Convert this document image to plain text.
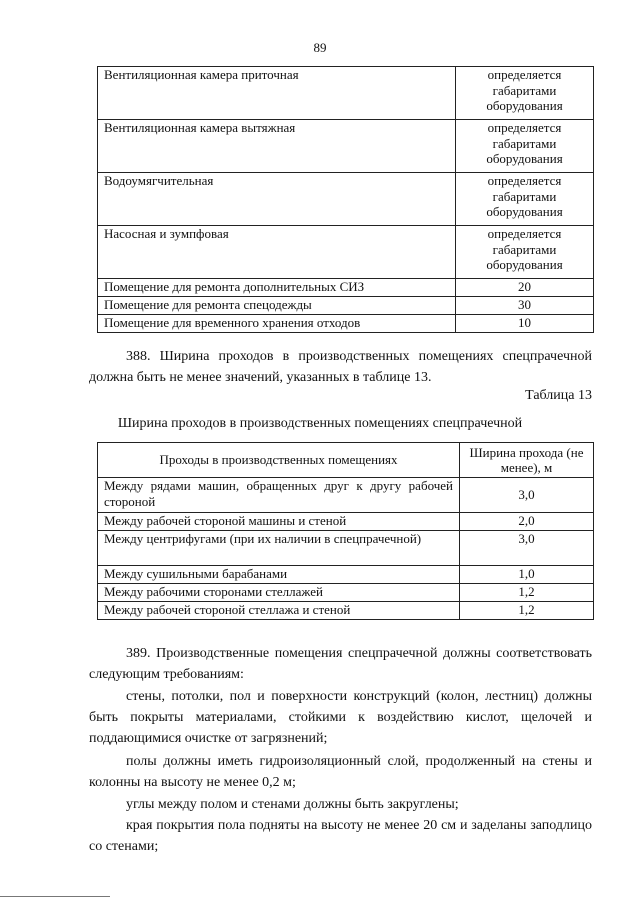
89
Вентиляционная камера приточная	определяется габаритами оборудования
Вентиляционная камера вытяжная	определяется габаритами оборудования
Водоумягчительная	определяется габаритами оборудования
Насосная и зумпфовая	определяется габаритами оборудования
Помещение для ремонта дополнительных СИЗ	20
Помещение для ремонта спецодежды	30
Помещение для временного хранения отходов	10

388. Ширина проходов в производственных помещениях спецпрачечной должна быть не менее значений, указанных в таблице 13.

Таблица 13
Ширина проходов в производственных помещениях спецпрачечной
Проходы в производственных помещениях	Ширина прохода (не менее), м
Между рядами машин, обращенных друг к другу рабочей стороной	3,0
Между рабочей стороной машины и стеной	2,0
Между центрифугами (при их наличии в спецпрачечной)	3,0
Между сушильными барабанами	1,0
Между рабочими сторонами стеллажей	1,2
Между рабочей стороной стеллажа и стеной	1,2

389. Производственные помещения спецпрачечной должны соответствовать следующим требованиям:

стены, потолки, пол и поверхности конструкций (колон, лестниц) должны быть покрыты материалами, стойкими к воздействию кислот, щелочей и поддающимися очистке от загрязнений;

полы должны иметь гидроизоляционный слой, продолженный на стены и колонны на высоту не менее 0,2 м;

углы между полом и стенами должны быть закруглены;

края покрытия пола подняты на высоту не менее 20 см и заделаны заподлицо со стенами;
